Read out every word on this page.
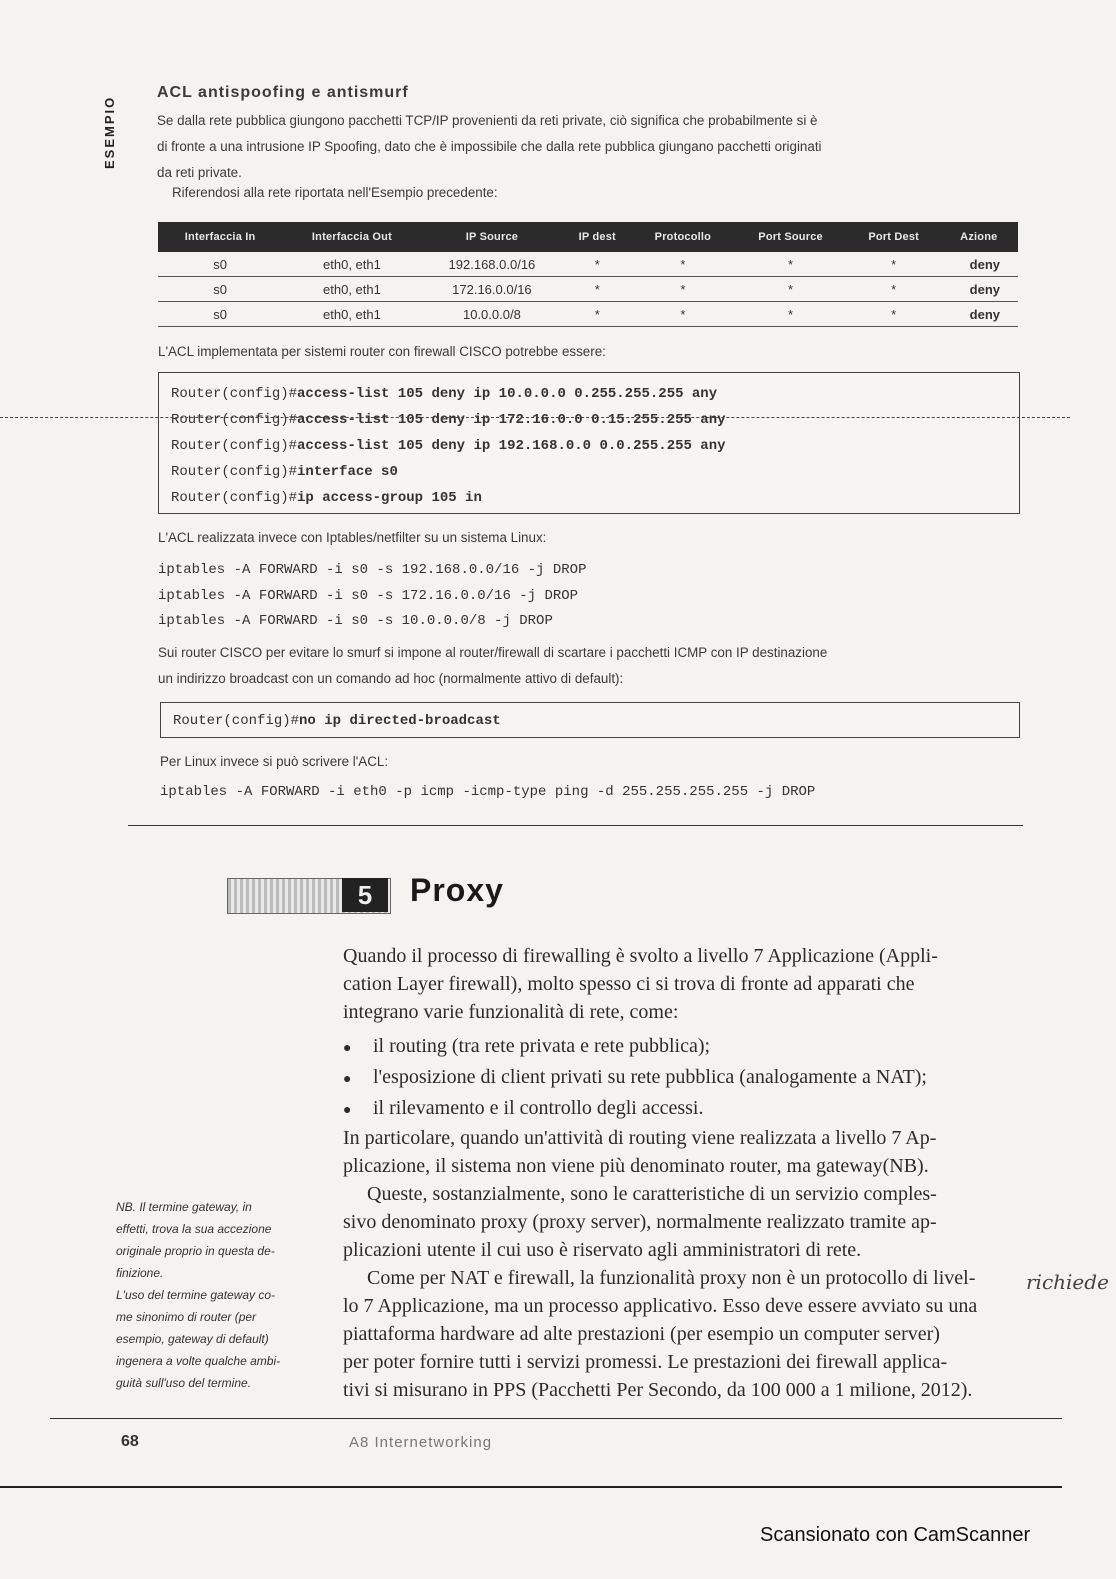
ESEMPIO
ACL antispoofing e antismurf
Se dalla rete pubblica giungono pacchetti TCP/IP provenienti da reti private, ciò significa che probabilmente si è
di fronte a una intrusione IP Spoofing, dato che è impossibile che dalla rete pubblica giungano pacchetti originati
da reti private.
Riferendosi alla rete riportata nell'Esempio precedente:
Interfaccia In	Interfaccia Out	IP Source	IP dest	Protocollo	Port Source	Port Dest	Azione
s0	eth0, eth1	192.168.0.0/16	*	*	*	*	deny
s0	eth0, eth1	172.16.0.0/16	*	*	*	*	deny
s0	eth0, eth1	10.0.0.0/8	*	*	*	*	deny
L'ACL implementata per sistemi router con firewall CISCO potrebbe essere:
Router(config)#access-list 105 deny ip 10.0.0.0 0.255.255.255 any
Router(config)#access-list 105 deny ip 172.16.0.0 0.15.255.255 any
Router(config)#access-list 105 deny ip 192.168.0.0 0.0.255.255 any
Router(config)#interface s0
Router(config)#ip access-group 105 in
L'ACL realizzata invece con Iptables/netfilter su un sistema Linux:
iptables -A FORWARD -i s0 -s 192.168.0.0/16 -j DROP
iptables -A FORWARD -i s0 -s 172.16.0.0/16 -j DROP
iptables -A FORWARD -i s0 -s 10.0.0.0/8 -j DROP
Sui router CISCO per evitare lo smurf si impone al router/firewall di scartare i pacchetti ICMP con IP destinazione
un indirizzo broadcast con un comando ad hoc (normalmente attivo di default):
Router(config)#no ip directed-broadcast
Per Linux invece si può scrivere l'ACL:
iptables -A FORWARD -i eth0 -p icmp -icmp-type ping -d 255.255.255.255 -j DROP
5	Proxy
Quando il processo di firewalling è svolto a livello 7 Applicazione (Appli-
cation Layer firewall), molto spesso ci si trova di fronte ad apparati che
integrano varie funzionalità di rete, come:
● il routing (tra rete privata e rete pubblica);
● l'esposizione di client privati su rete pubblica (analogamente a NAT);
● il rilevamento e il controllo degli accessi.
In particolare, quando un'attività di routing viene realizzata a livello 7 Ap-
plicazione, il sistema non viene più denominato router, ma gateway(NB).
Queste, sostanzialmente, sono le caratteristiche di un servizio comples-
sivo denominato proxy (proxy server), normalmente realizzato tramite ap-
plicazioni utente il cui uso è riservato agli amministratori di rete.
Come per NAT e firewall, la funzionalità proxy non è un protocollo di livel-
lo 7 Applicazione, ma un processo applicativo. Esso deve essere avviato su una
piattaforma hardware ad alte prestazioni (per esempio un computer server)
per poter fornire tutti i servizi promessi. Le prestazioni dei firewall applica-
tivi si misurano in PPS (Pacchetti Per Secondo, da 100 000 a 1 milione, 2012).
NB. Il termine gateway, in
effetti, trova la sua accezione
originale proprio in questa de-
finizione.
L'uso del termine gateway co-
me sinonimo di router (per
esempio, gateway di default)
ingenera a volte qualche ambi-
guità sull'uso del termine.
richiede
68	A8 Internetworking
Scansionato con CamScanner
